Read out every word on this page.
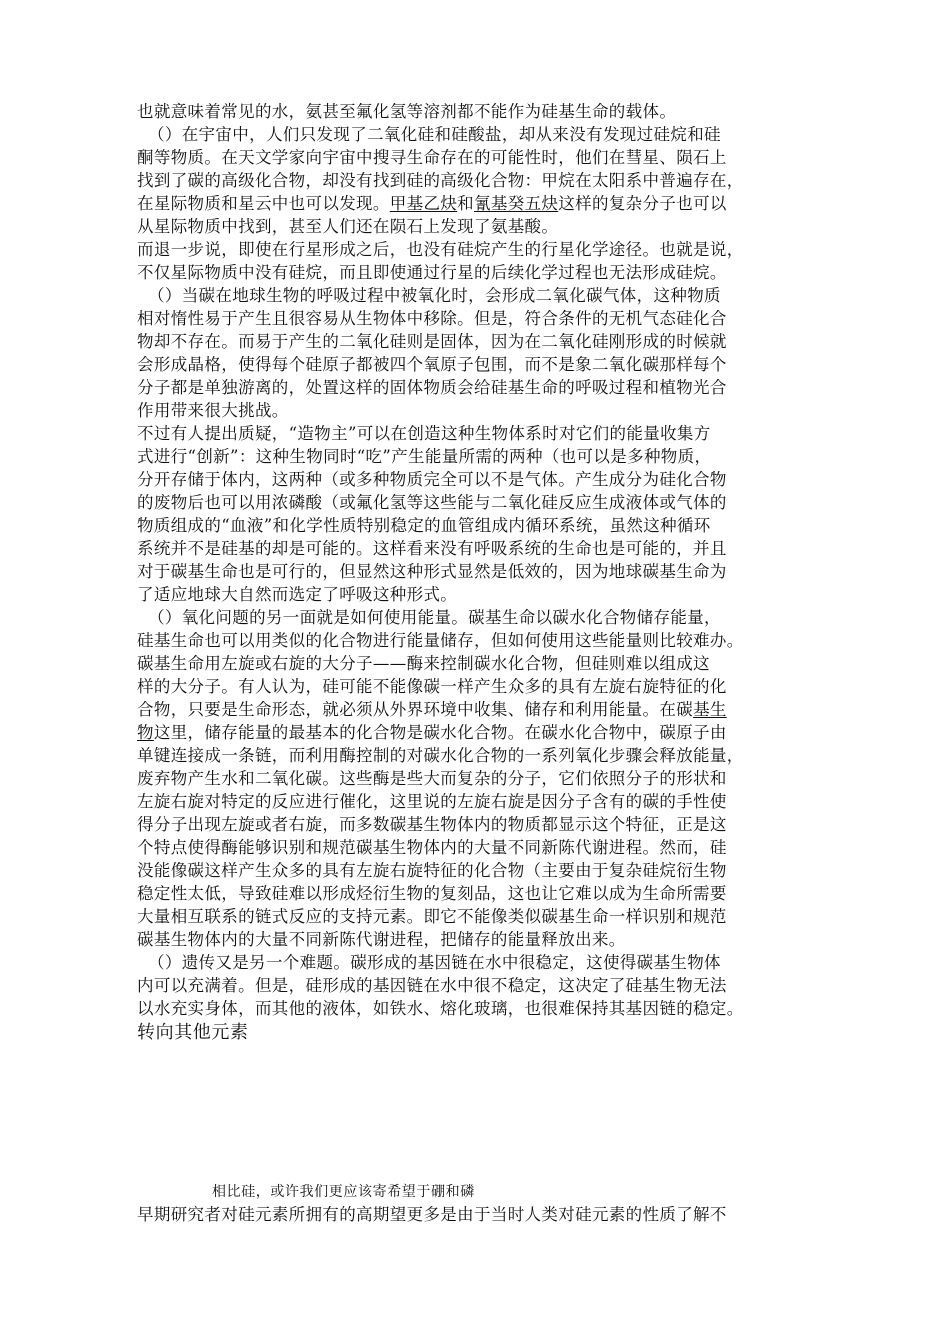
也就意味着常见的水，氨甚至氟化氢等溶剂都不能作为硅基生命的载体。
（）在宇宙中，人们只发现了二氧化硅和硅酸盐，却从来没有发现过硅烷和硅
酮等物质。在天文学家向宇宙中搜寻生命存在的可能性时，他们在彗星、陨石上
找到了碳的高级化合物，却没有找到硅的高级化合物：甲烷在太阳系中普遍存在，
在星际物质和星云中也可以发现。甲基乙炔和氰基癸五炔这样的复杂分子也可以
从星际物质中找到，甚至人们还在陨石上发现了氨基酸。
而退一步说，即使在行星形成之后，也没有硅烷产生的行星化学途径。也就是说，
不仅星际物质中没有硅烷，而且即使通过行星的后续化学过程也无法形成硅烷。
（）当碳在地球生物的呼吸过程中被氧化时，会形成二氧化碳气体，这种物质
相对惰性易于产生且很容易从生物体中移除。但是，符合条件的无机气态硅化合
物却不存在。而易于产生的二氧化硅则是固体，因为在二氧化硅刚形成的时候就
会形成晶格，使得每个硅原子都被四个氧原子包围，而不是象二氧化碳那样每个
分子都是单独游离的，处置这样的固体物质会给硅基生命的呼吸过程和植物光合
作用带来很大挑战。
不过有人提出质疑，“造物主”可以在创造这种生物体系时对它们的能量收集方
式进行“创新”：这种生物同时“吃”产生能量所需的两种（也可以是多种物质，
分开存储于体内，这两种（或多种物质完全可以不是气体。产生成分为硅化合物
的废物后也可以用浓磷酸（或氟化氢等这些能与二氧化硅反应生成液体或气体的
物质组成的“血液”和化学性质特别稳定的血管组成内循环系统，虽然这种循环
系统并不是硅基的却是可能的。这样看来没有呼吸系统的生命也是可能的，并且
对于碳基生命也是可行的，但显然这种形式显然是低效的，因为地球碳基生命为
了适应地球大自然而选定了呼吸这种形式。
（）氧化问题的另一面就是如何使用能量。碳基生命以碳水化合物储存能量，
硅基生命也可以用类似的化合物进行能量储存，但如何使用这些能量则比较难办。
碳基生命用左旋或右旋的大分子——酶来控制碳水化合物，但硅则难以组成这
样的大分子。有人认为，硅可能不能像碳一样产生众多的具有左旋右旋特征的化
合物，只要是生命形态，就必须从外界环境中收集、储存和利用能量。在碳基生
物这里，储存能量的最基本的化合物是碳水化合物。在碳水化合物中，碳原子由
单键连接成一条链，而利用酶控制的对碳水化合物的一系列氧化步骤会释放能量，
废弃物产生水和二氧化碳。这些酶是些大而复杂的分子，它们依照分子的形状和
左旋右旋对特定的反应进行催化，这里说的左旋右旋是因分子含有的碳的手性使
得分子出现左旋或者右旋，而多数碳基生物体内的物质都显示这个特征，正是这
个特点使得酶能够识别和规范碳基生物体内的大量不同新陈代谢进程。然而，硅
没能像碳这样产生众多的具有左旋右旋特征的化合物（主要由于复杂硅烷衍生物
稳定性太低，导致硅难以形成烃衍生物的复刻品，这也让它难以成为生命所需要
大量相互联系的链式反应的支持元素。即它不能像类似碳基生命一样识别和规范
碳基生物体内的大量不同新陈代谢进程，把储存的能量释放出来。
（）遗传又是另一个难题。碳形成的基因链在水中很稳定，这使得碳基生物体
内可以充满着。但是，硅形成的基因链在水中很不稳定，这决定了硅基生物无法
以水充实身体，而其他的液体，如铁水、熔化玻璃，也很难保持其基因链的稳定。
转向其他元素
相比硅，或许我们更应该寄希望于硼和磷
早期研究者对硅元素所拥有的高期望更多是由于当时人类对硅元素的性质了解不
